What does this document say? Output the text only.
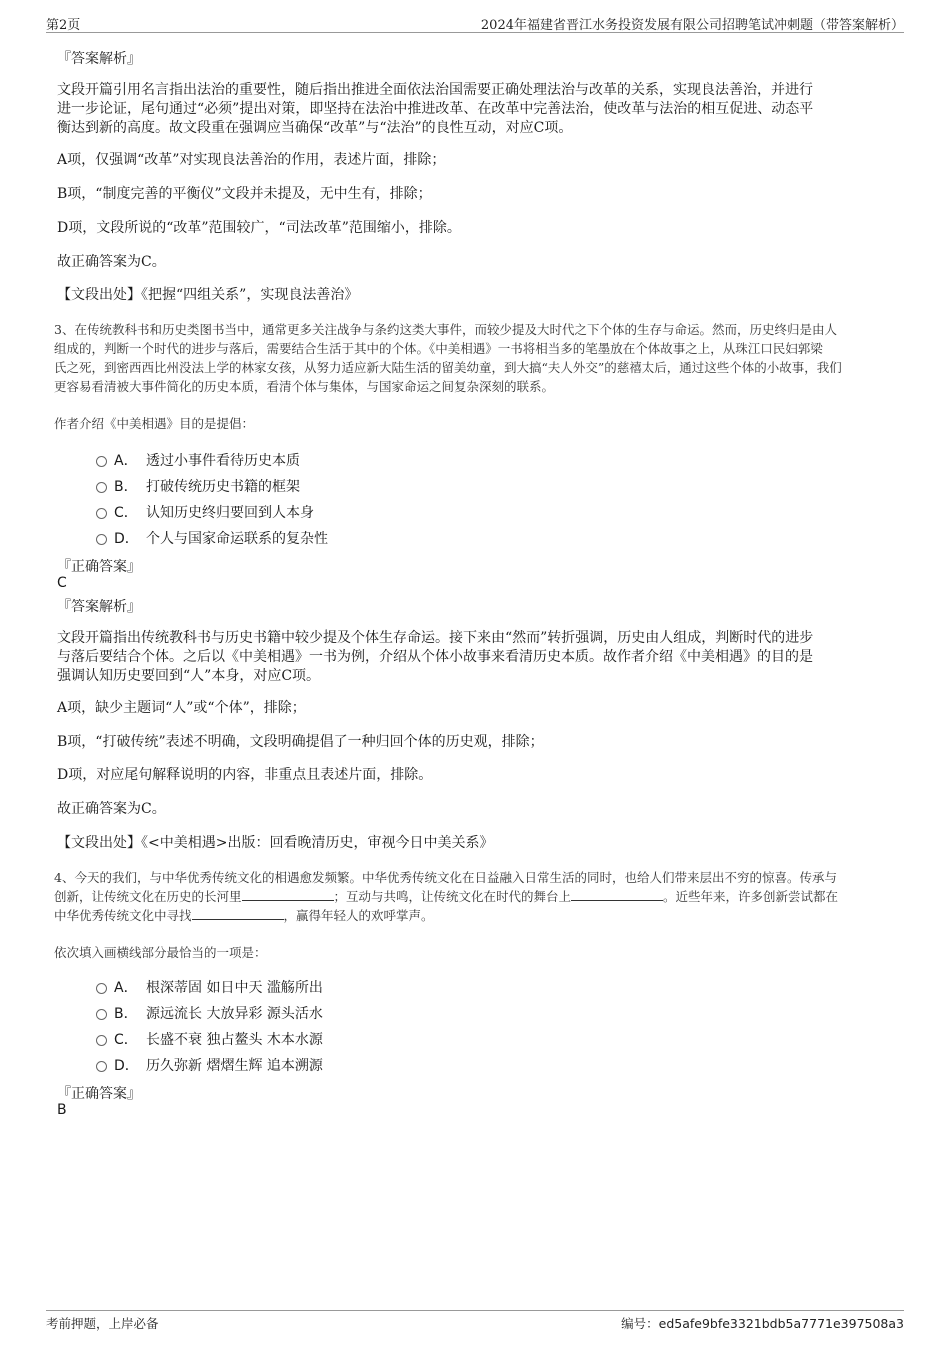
第2页	2024年福建省晋江水务投资发展有限公司招聘笔试冲刺题（带答案解析）
『答案解析』
文段开篇引用名言指出法治的重要性，随后指出推进全面依法治国需要正确处理法治与改革的关系，实现良法善治，并进行
进一步论证，尾句通过“必须”提出对策，即坚持在法治中推进改革、在改革中完善法治，使改革与法治的相互促进、动态平
衡达到新的高度。故文段重在强调应当确保“改革”与“法治”的良性互动，对应C项。
A项，仅强调“改革”对实现良法善治的作用，表述片面，排除；
B项，“制度完善的平衡仪”文段并未提及，无中生有，排除；
D项，文段所说的“改革”范围较广，“司法改革”范围缩小，排除。
故正确答案为C。
【文段出处】《把握“四组关系”，实现良法善治》
3、在传统教科书和历史类图书当中，通常更多关注战争与条约这类大事件，而较少提及大时代之下个体的生存与命运。然而，历史终归是由人
组成的，判断一个时代的进步与落后，需要结合生活于其中的个体。《中美相遇》一书将相当多的笔墨放在个体故事之上，从珠江口民妇郭梁
氏之死，到密西西比州没法上学的林家女孩，从努力适应新大陆生活的留美幼童，到大搞“夫人外交”的慈禧太后，通过这些个体的小故事，我们
更容易看清被大事件简化的历史本质，看清个体与集体，与国家命运之间复杂深刻的联系。
作者介绍《中美相遇》目的是提倡：
A． 透过小事件看待历史本质
B． 打破传统历史书籍的框架
C． 认知历史终归要回到人本身
D． 个人与国家命运联系的复杂性
『正确答案』
C
『答案解析』
文段开篇指出传统教科书与历史书籍中较少提及个体生存命运。接下来由“然而”转折强调，历史由人组成，判断时代的进步
与落后要结合个体。之后以《中美相遇》一书为例，介绍从个体小故事来看清历史本质。故作者介绍《中美相遇》的目的是
强调认知历史要回到“人”本身，对应C项。
A项，缺少主题词“人”或“个体”，排除；
B项，“打破传统”表述不明确，文段明确提倡了一种归回个体的历史观，排除；
D项，对应尾句解释说明的内容，非重点且表述片面，排除。
故正确答案为C。
【文段出处】《<中美相遇>出版：回看晚清历史，审视今日中美关系》
4、今天的我们，与中华优秀传统文化的相遇愈发频繁。中华优秀传统文化在日益融入日常生活的同时，也给人们带来层出不穷的惊喜。传承与
创新，让传统文化在历史的长河里	；互动与共鸣，让传统文化在时代的舞台上	。近些年来，许多创新尝试都在
中华优秀传统文化中寻找	，赢得年轻人的欢呼掌声。
依次填入画横线部分最恰当的一项是：
A． 根深蒂固 如日中天 滥觞所出
B． 源远流长 大放异彩 源头活水
C． 长盛不衰 独占鳌头 木本水源
D． 历久弥新 熠熠生辉 追本溯源
『正确答案』
B
考前押题，上岸必备	编号：ed5afe9bfe3321bdb5a7771e397508a3
